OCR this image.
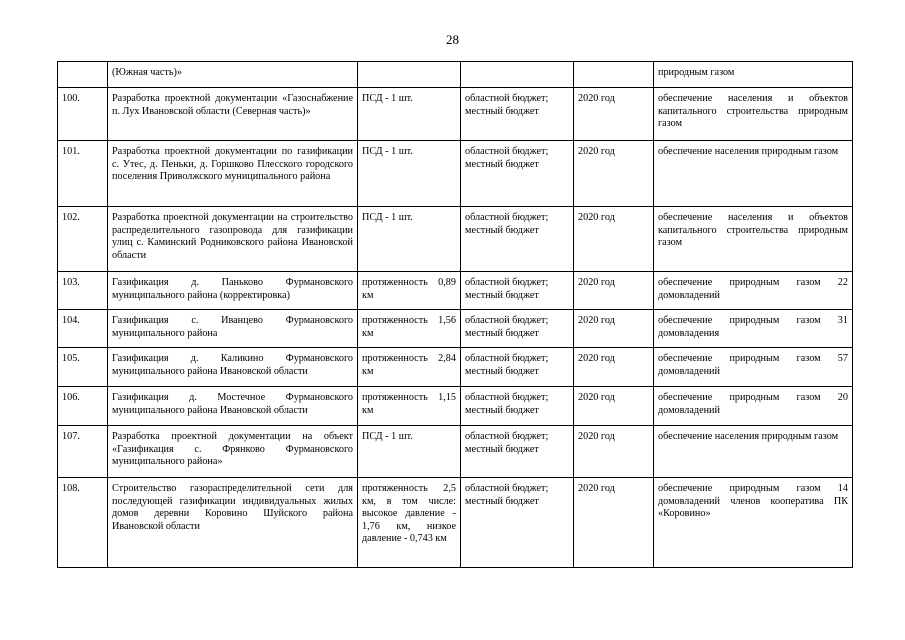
28
	(Южная часть)»				природным газом
100.	Разработка проектной документации «Газоснабжение п. Лух Ивановской области (Северная часть)»	ПСД - 1 шт.	областной бюджет; местный бюджет	2020 год	обеспечение населения и объектов капитального строительства природным газом
101.	Разработка проектной документации по газификации с. Утес, д. Пеньки, д. Горшково Плесского городского поселения Приволжского муниципального района	ПСД - 1 шт.	областной бюджет; местный бюджет	2020 год	обеспечение населения природным газом
102.	Разработка проектной документации на строительство распределительного газопровода для газификации улиц с. Каминский Родниковского района Ивановской области	ПСД - 1 шт.	областной бюджет; местный бюджет	2020 год	обеспечение населения и объектов капитального строительства природным газом
103.	Газификация д. Паньково Фурмановского муниципального района (корректировка)	протяженность 0,89 км	областной бюджет; местный бюджет	2020 год	обеспечение природным газом 22 домовладений
104.	Газификация с. Иванцево Фурмановского муниципального района	протяженность 1,56 км	областной бюджет; местный бюджет	2020 год	обеспечение природным газом 31 домовладения
105.	Газификация д. Каликино Фурмановского муниципального района Ивановской области	протяженность 2,84 км	областной бюджет; местный бюджет	2020 год	обеспечение природным газом 57 домовладений
106.	Газификация д. Мостечное Фурмановского муниципального района Ивановской области	протяженность 1,15 км	областной бюджет; местный бюджет	2020 год	обеспечение природным газом 20 домовладений
107.	Разработка проектной документации на объект «Газификация с. Фрянково Фурмановского муниципального района»	ПСД - 1 шт.	областной бюджет; местный бюджет	2020 год	обеспечение населения природным газом
108.	Строительство газораспределительной сети для последующей газификации индивидуальных жилых домов деревни Коровино Шуйского района Ивановской области	протяженность 2,5 км, в том числе: высокое давление - 1,76 км, низкое давление - 0,743 км	областной бюджет; местный бюджет	2020 год	обеспечение природным газом 14 домовладений членов кооператива ПК «Коровино»
